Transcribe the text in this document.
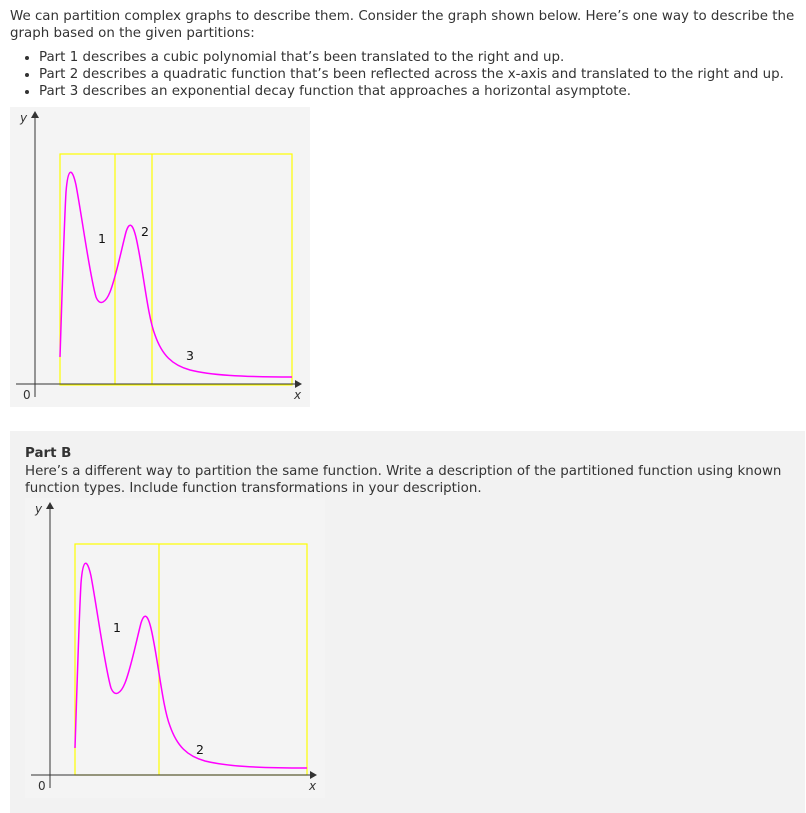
We can partition complex graphs to describe them. Consider the graph shown below. Here’s one way to describe the graph based on the given partitions:

• Part 1 describes a cubic polynomial that’s been translated to the right and up.
• Part 2 describes a quadratic function that’s been reflected across the x-axis and translated to the right and up.
• Part 3 describes an exponential decay function that approaches a horizontal asymptote.
y
x
0
1	2
3
Part B

Here’s a different way to partition the same function. Write a description of the partitioned function using known function types. Include function transformations in your description.

y
x
0
1
2
